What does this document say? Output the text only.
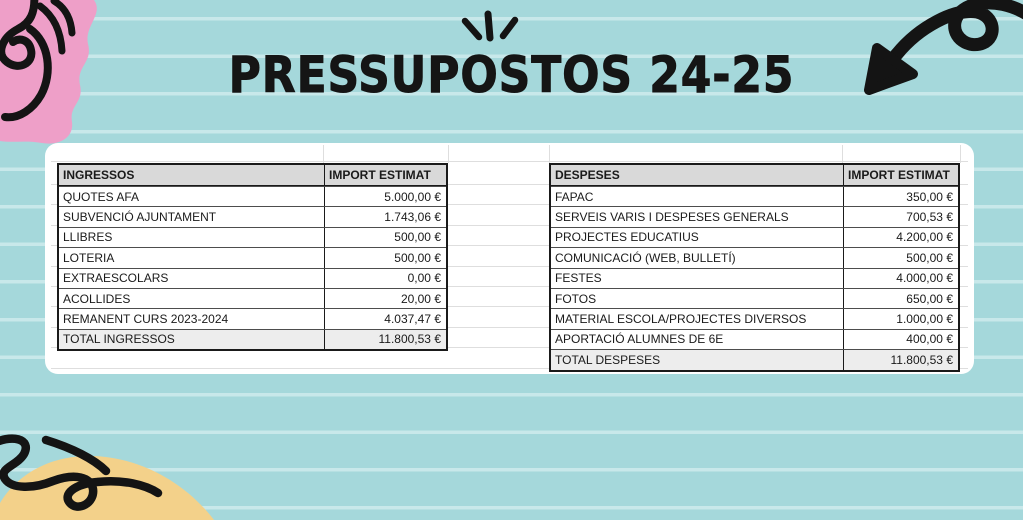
PRESSUPOSTOS 24-25
INGRESSOS	IMPORT ESTIMAT
QUOTES AFA	5.000,00 €
SUBVENCIÓ AJUNTAMENT	1.743,06 €
LLIBRES	500,00 €
LOTERIA	500,00 €
EXTRAESCOLARS	0,00 €
ACOLLIDES	20,00 €
REMANENT CURS 2023-2024	4.037,47 €
TOTAL INGRESSOS	11.800,53 €
DESPESES	IMPORT ESTIMAT
FAPAC	350,00 €
SERVEIS VARIS I DESPESES GENERALS	700,53 €
PROJECTES EDUCATIUS	4.200,00 €
COMUNICACIÓ (WEB, BULLETÍ)	500,00 €
FESTES	4.000,00 €
FOTOS	650,00 €
MATERIAL ESCOLA/PROJECTES DIVERSOS	1.000,00 €
APORTACIÓ ALUMNES DE 6E	400,00 €
TOTAL DESPESES	11.800,53 €
